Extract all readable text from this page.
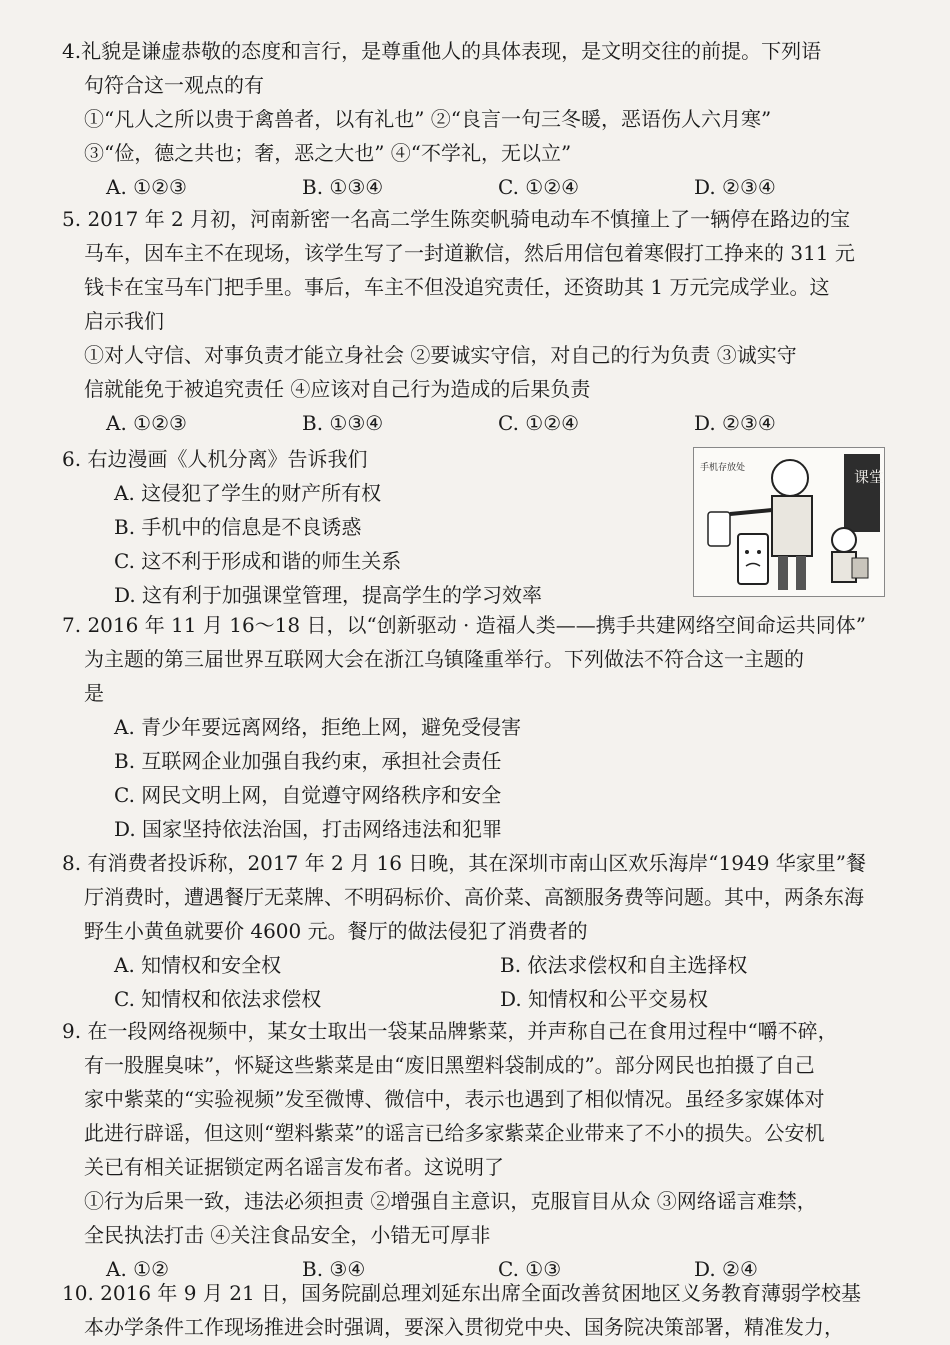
4.礼貌是谦虚恭敬的态度和言行，是尊重他人的具体表现，是文明交往的前提。下列语

句符合这一观点的有

①“凡人之所以贵于禽兽者，以有礼也” ②“良言一句三冬暖，恶语伤人六月寒”

③“俭，德之共也；奢，恶之大也” ④“不学礼，无以立”

A. ①②③	B. ①③④	C. ①②④	D. ②③④

5. 2017 年 2 月初，河南新密一名高二学生陈奕帆骑电动车不慎撞上了一辆停在路边的宝

马车，因车主不在现场，该学生写了一封道歉信，然后用信包着寒假打工挣来的 311 元

钱卡在宝马车门把手里。事后，车主不但没追究责任，还资助其 1 万元完成学业。这

启示我们

①对人守信、对事负责才能立身社会 ②要诚实守信，对自己的行为负责 ③诚实守

信就能免于被追究责任 ④应该对自己行为造成的后果负责

A. ①②③	B. ①③④	C. ①②④	D. ②③④

6. 右边漫画《人机分离》告诉我们

A. 这侵犯了学生的财产所有权

B. 手机中的信息是不良诱惑

C. 这不利于形成和谐的师生关系

D. 这有利于加强课堂管理，提高学生的学习效率

课堂
手机存放处

7. 2016 年 11 月 16～18 日，以“创新驱动 · 造福人类——携手共建网络空间命运共同体”

为主题的第三届世界互联网大会在浙江乌镇隆重举行。下列做法不符合这一主题的

是

A. 青少年要远离网络，拒绝上网，避免受侵害

B. 互联网企业加强自我约束，承担社会责任

C. 网民文明上网，自觉遵守网络秩序和安全

D. 国家坚持依法治国，打击网络违法和犯罪

8. 有消费者投诉称，2017 年 2 月 16 日晚，其在深圳市南山区欢乐海岸“1949 华家里”餐

厅消费时，遭遇餐厅无菜牌、不明码标价、高价菜、高额服务费等问题。其中，两条东海

野生小黄鱼就要价 4600 元。餐厅的做法侵犯了消费者的

A. 知情权和安全权	B. 依法求偿权和自主选择权
C. 知情权和依法求偿权	D. 知情权和公平交易权

9. 在一段网络视频中，某女士取出一袋某品牌紫菜，并声称自己在食用过程中“嚼不碎，

有一股腥臭味”，怀疑这些紫菜是由“废旧黑塑料袋制成的”。部分网民也拍摄了自己

家中紫菜的“实验视频”发至微博、微信中，表示也遇到了相似情况。虽经多家媒体对

此进行辟谣，但这则“塑料紫菜”的谣言已给多家紫菜企业带来了不小的损失。公安机

关已有相关证据锁定两名谣言发布者。这说明了

①行为后果一致，违法必须担责 ②增强自主意识，克服盲目从众 ③网络谣言难禁，

全民执法打击 ④关注食品安全，小错无可厚非

A. ①②	B. ③④	C. ①③	D. ②④

10. 2016 年 9 月 21 日，国务院副总理刘延东出席全面改善贫困地区义务教育薄弱学校基

本办学条件工作现场推进会时强调，要深入贯彻党中央、国务院决策部署，精准发力，
